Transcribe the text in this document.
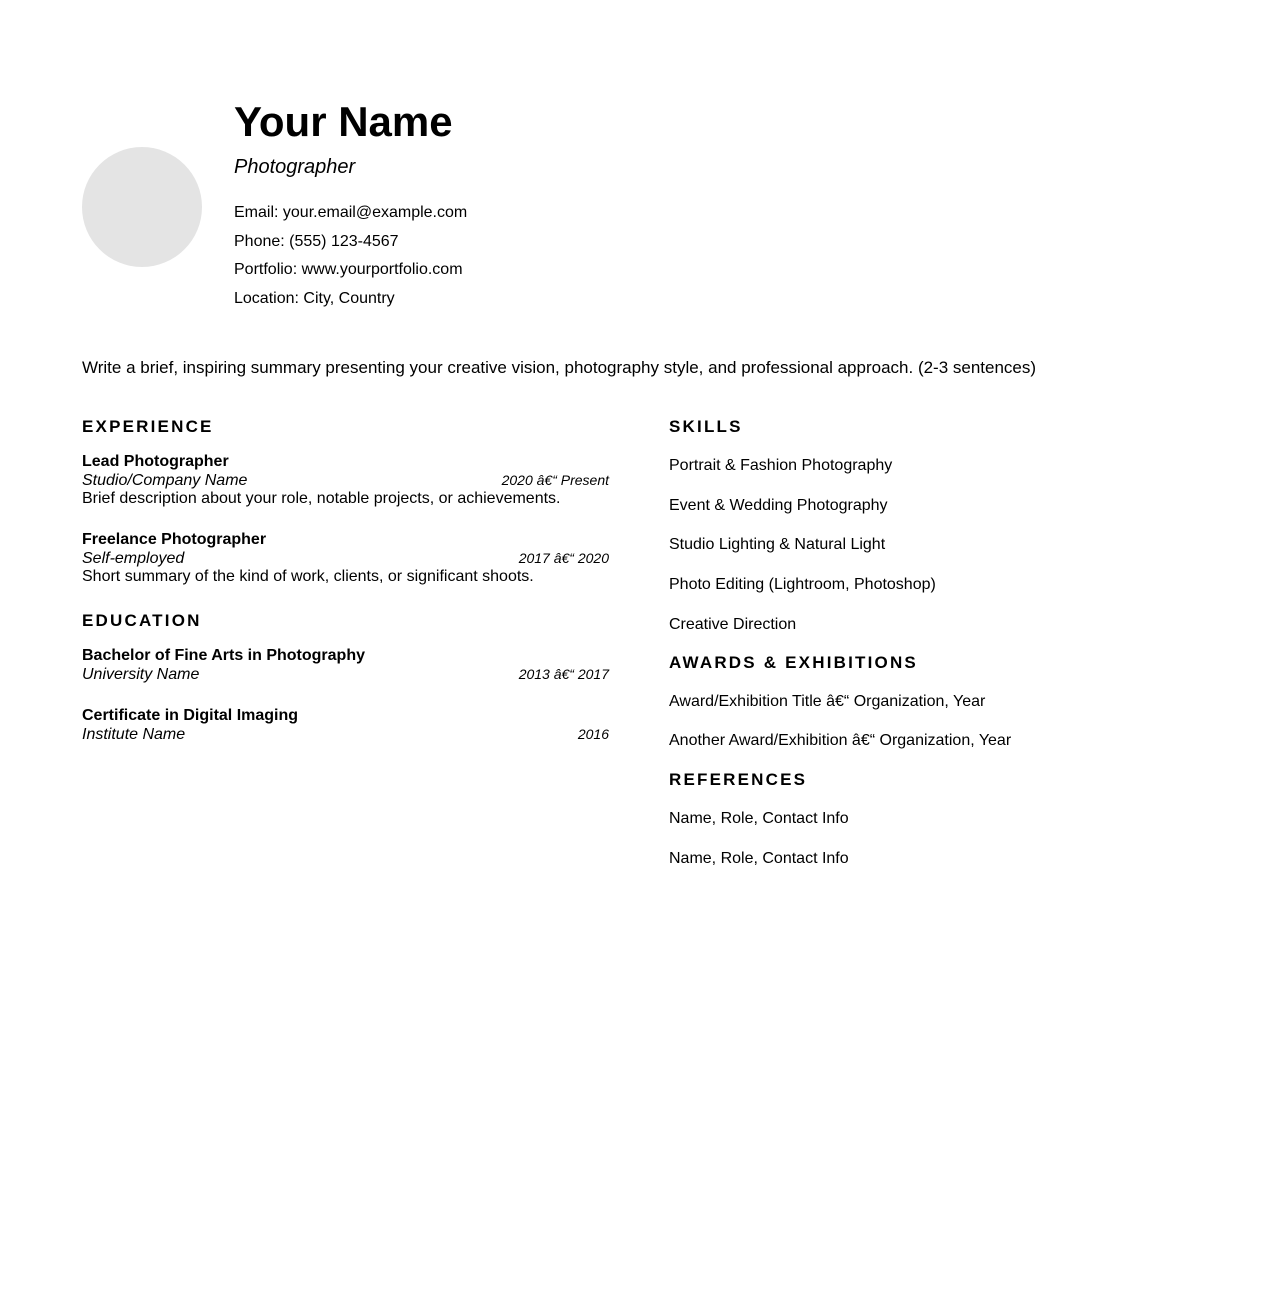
Your Name
Photographer
Email: your.email@example.com
Phone: (555) 123-4567
Portfolio: www.yourportfolio.com
Location: City, Country
Write a brief, inspiring summary presenting your creative vision, photography style, and professional approach. (2-3 sentences)
EXPERIENCE
Lead Photographer
Studio/Company Name	2020 â€“ Present
Brief description about your role, notable projects, or achievements.
Freelance Photographer
Self-employed	2017 â€“ 2020
Short summary of the kind of work, clients, or significant shoots.
EDUCATION
Bachelor of Fine Arts in Photography
University Name	2013 â€“ 2017
Certificate in Digital Imaging
Institute Name	2016
SKILLS
Portrait & Fashion Photography
Event & Wedding Photography
Studio Lighting & Natural Light
Photo Editing (Lightroom, Photoshop)
Creative Direction
AWARDS & EXHIBITIONS
Award/Exhibition Title â€“ Organization, Year
Another Award/Exhibition â€“ Organization, Year
REFERENCES
Name, Role, Contact Info
Name, Role, Contact Info
